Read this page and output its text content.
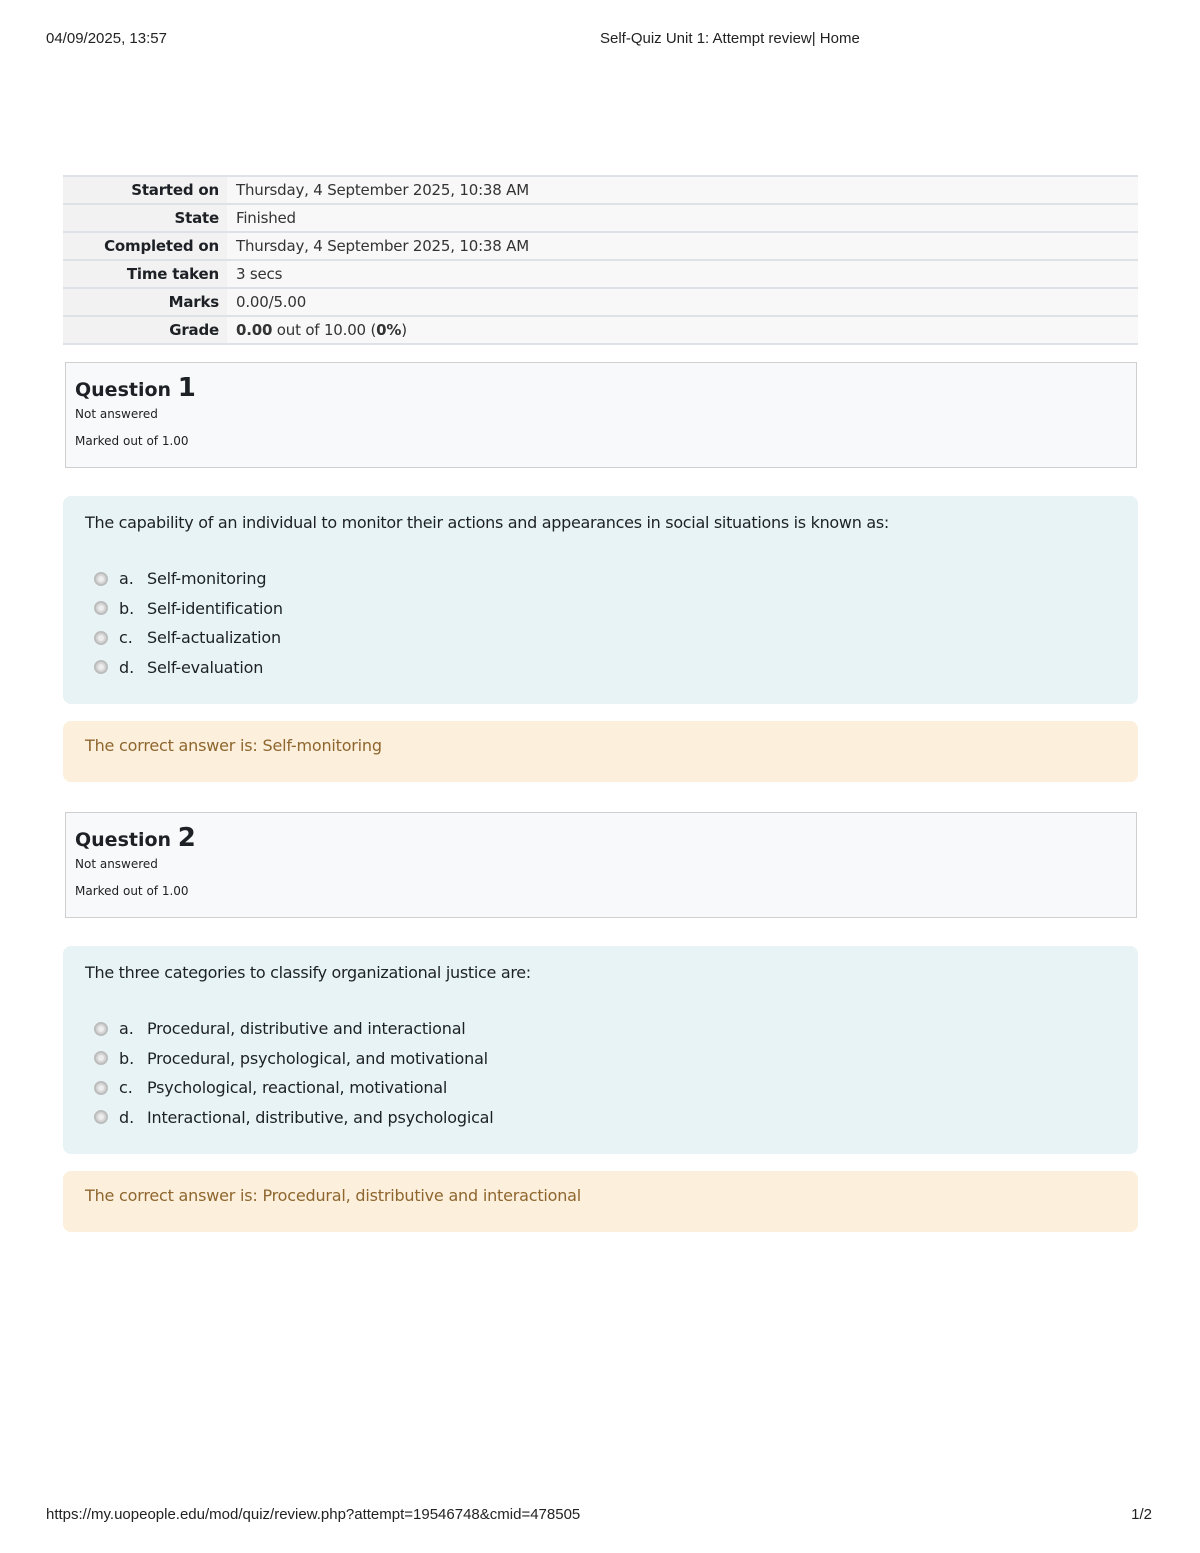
04/09/2025, 13:57	Self-Quiz Unit 1: Attempt review| Home
Started on	Thursday, 4 September 2025, 10:38 AM
State	Finished
Completed on	Thursday, 4 September 2025, 10:38 AM
Time taken	3 secs
Marks	0.00/5.00
Grade	0.00 out of 10.00 (0%)
Question 1
Not answered
Marked out of 1.00
The capability of an individual to monitor their actions and appearances in social situations is known as:
a. Self-monitoring
b. Self-identification
c. Self-actualization
d. Self-evaluation
The correct answer is: Self-monitoring
Question 2
Not answered
Marked out of 1.00
The three categories to classify organizational justice are:
a. Procedural, distributive and interactional
b. Procedural, psychological, and motivational
c. Psychological, reactional, motivational
d. Interactional, distributive, and psychological
The correct answer is: Procedural, distributive and interactional
https://my.uopeople.edu/mod/quiz/review.php?attempt=19546748&cmid=478505	1/2
